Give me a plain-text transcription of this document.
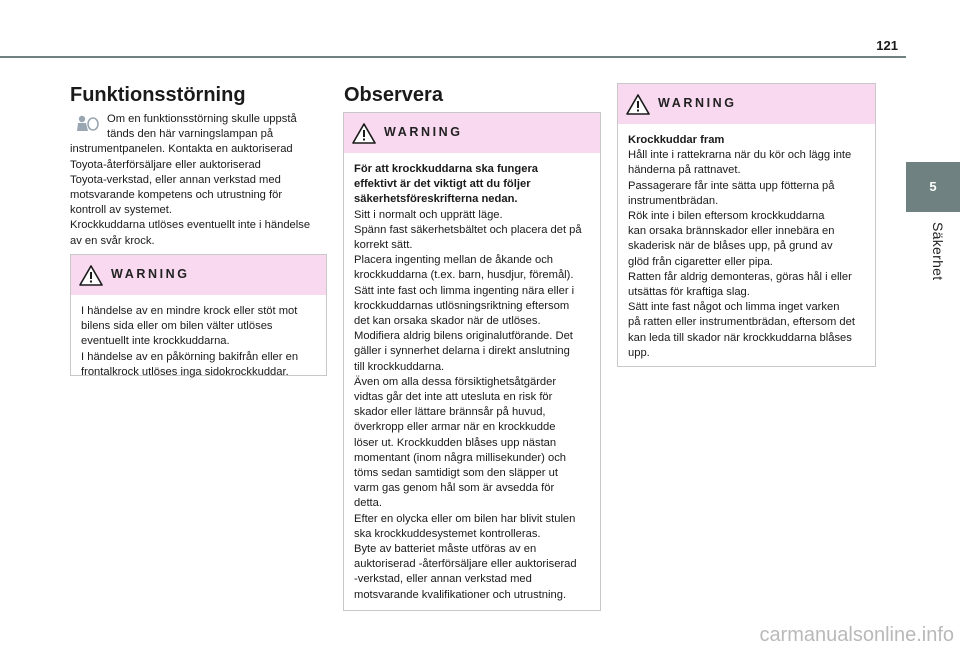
121
5
Säkerhet
Funktionsstörning

Om en funktionsstörning skulle uppstå
tänds den här varningslampan på

instrumentpanelen. Kontakta en auktoriserad
Toyota-återförsäljare eller auktoriserad
Toyota-verkstad, eller annan verkstad med
motsvarande kompetens och utrustning för
kontroll av systemet.
Krockkuddarna utlöses eventuellt inte i händelse
av en svår krock.

WARNING

I händelse av en mindre krock eller stöt mot
bilens sida eller om bilen välter utlöses
eventuellt inte krockkuddarna.
I händelse av en påkörning bakifrån eller en
frontalkrock utlöses inga sidokrockkuddar.

Observera
WARNING

För att krockkuddarna ska fungera
effektivt är det viktigt att du följer
säkerhetsföreskrifterna nedan.

Sitt i normalt och upprätt läge.
Spänn fast säkerhetsbältet och placera det på
korrekt sätt.
Placera ingenting mellan de åkande och
krockkuddarna (t.ex. barn, husdjur, föremål).
Sätt inte fast och limma ingenting nära eller i
krockkuddarnas utlösningsriktning eftersom
det kan orsaka skador när de utlöses.
Modifiera aldrig bilens originalutförande. Det
gäller i synnerhet delarna i direkt anslutning
till krockkuddarna.
Även om alla dessa försiktighetsåtgärder
vidtas går det inte att utesluta en risk för
skador eller lättare brännsår på huvud,
överkropp eller armar när en krockkudde
löser ut. Krockkudden blåses upp nästan
momentant (inom några millisekunder) och
töms sedan samtidigt som den släpper ut
varm gas genom hål som är avsedda för
detta.
Efter en olycka eller om bilen har blivit stulen
ska krockkuddesystemet kontrolleras.
Byte av batteriet måste utföras av en
auktoriserad -återförsäljare eller auktoriserad
-verkstad, eller annan verkstad med
motsvarande kvalifikationer och utrustning.

WARNING

Krockkuddar fram

Håll inte i rattekrarna när du kör och lägg inte
händerna på rattnavet.
Passagerare får inte sätta upp fötterna på
instrumentbrädan.
Rök inte i bilen eftersom krockkuddarna
kan orsaka brännskador eller innebära en
skaderisk när de blåses upp, på grund av
glöd från cigaretter eller pipa.
Ratten får aldrig demonteras, göras hål i eller
utsättas för kraftiga slag.
Sätt inte fast något och limma inget varken
på ratten eller instrumentbrädan, eftersom det
kan leda till skador när krockkuddarna blåses
upp.

carmanualsonline.info
